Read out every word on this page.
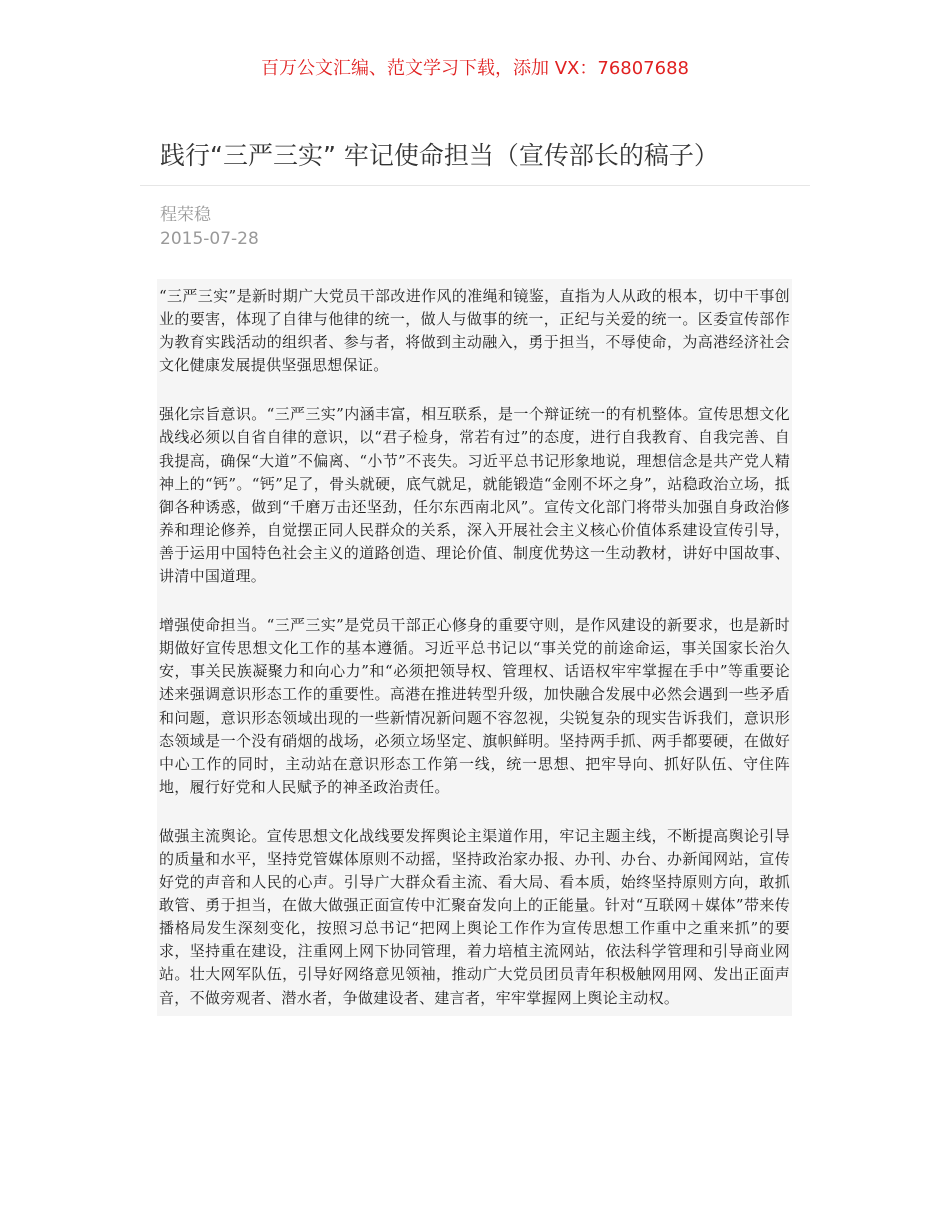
百万公文汇编、范文学习下载，添加 VX：76807688
践行“三严三实” 牢记使命担当（宣传部长的稿子）
程荣稳
2015-07-28

“三严三实”是新时期广大党员干部改进作风的准绳和镜鉴，直指为人从政的根本，切中干事创业的要害，体现了自律与他律的统一，做人与做事的统一，正纪与关爱的统一。区委宣传部作为教育实践活动的组织者、参与者，将做到主动融入，勇于担当，不辱使命，为高港经济社会文化健康发展提供坚强思想保证。

强化宗旨意识。“三严三实”内涵丰富，相互联系，是一个辩证统一的有机整体。宣传思想文化战线必须以自省自律的意识，以“君子检身，常若有过”的态度，进行自我教育、自我完善、自我提高，确保“大道”不偏离、“小节”不丧失。习近平总书记形象地说，理想信念是共产党人精神上的“钙”。“钙”足了，骨头就硬，底气就足，就能锻造“金刚不坏之身”，站稳政治立场，抵御各种诱惑，做到“千磨万击还坚劲，任尔东西南北风”。宣传文化部门将带头加强自身政治修养和理论修养，自觉摆正同人民群众的关系，深入开展社会主义核心价值体系建设宣传引导，善于运用中国特色社会主义的道路创造、理论价值、制度优势这一生动教材，讲好中国故事、讲清中国道理。

增强使命担当。“三严三实”是党员干部正心修身的重要守则，是作风建设的新要求，也是新时期做好宣传思想文化工作的基本遵循。习近平总书记以“事关党的前途命运，事关国家长治久安，事关民族凝聚力和向心力”和“必须把领导权、管理权、话语权牢牢掌握在手中”等重要论述来强调意识形态工作的重要性。高港在推进转型升级，加快融合发展中必然会遇到一些矛盾和问题，意识形态领域出现的一些新情况新问题不容忽视，尖锐复杂的现实告诉我们，意识形态领域是一个没有硝烟的战场，必须立场坚定、旗帜鲜明。坚持两手抓、两手都要硬，在做好中心工作的同时，主动站在意识形态工作第一线，统一思想、把牢导向、抓好队伍、守住阵地，履行好党和人民赋予的神圣政治责任。

做强主流舆论。宣传思想文化战线要发挥舆论主渠道作用，牢记主题主线，不断提高舆论引导的质量和水平，坚持党管媒体原则不动摇，坚持政治家办报、办刊、办台、办新闻网站，宣传好党的声音和人民的心声。引导广大群众看主流、看大局、看本质，始终坚持原则方向，敢抓敢管、勇于担当，在做大做强正面宣传中汇聚奋发向上的正能量。针对“互联网＋媒体”带来传播格局发生深刻变化，按照习总书记“把网上舆论工作作为宣传思想工作重中之重来抓”的要求，坚持重在建设，注重网上网下协同管理，着力培植主流网站，依法科学管理和引导商业网站。壮大网军队伍，引导好网络意见领袖，推动广大党员团员青年积极触网用网、发出正面声音，不做旁观者、潜水者，争做建设者、建言者，牢牢掌握网上舆论主动权。
